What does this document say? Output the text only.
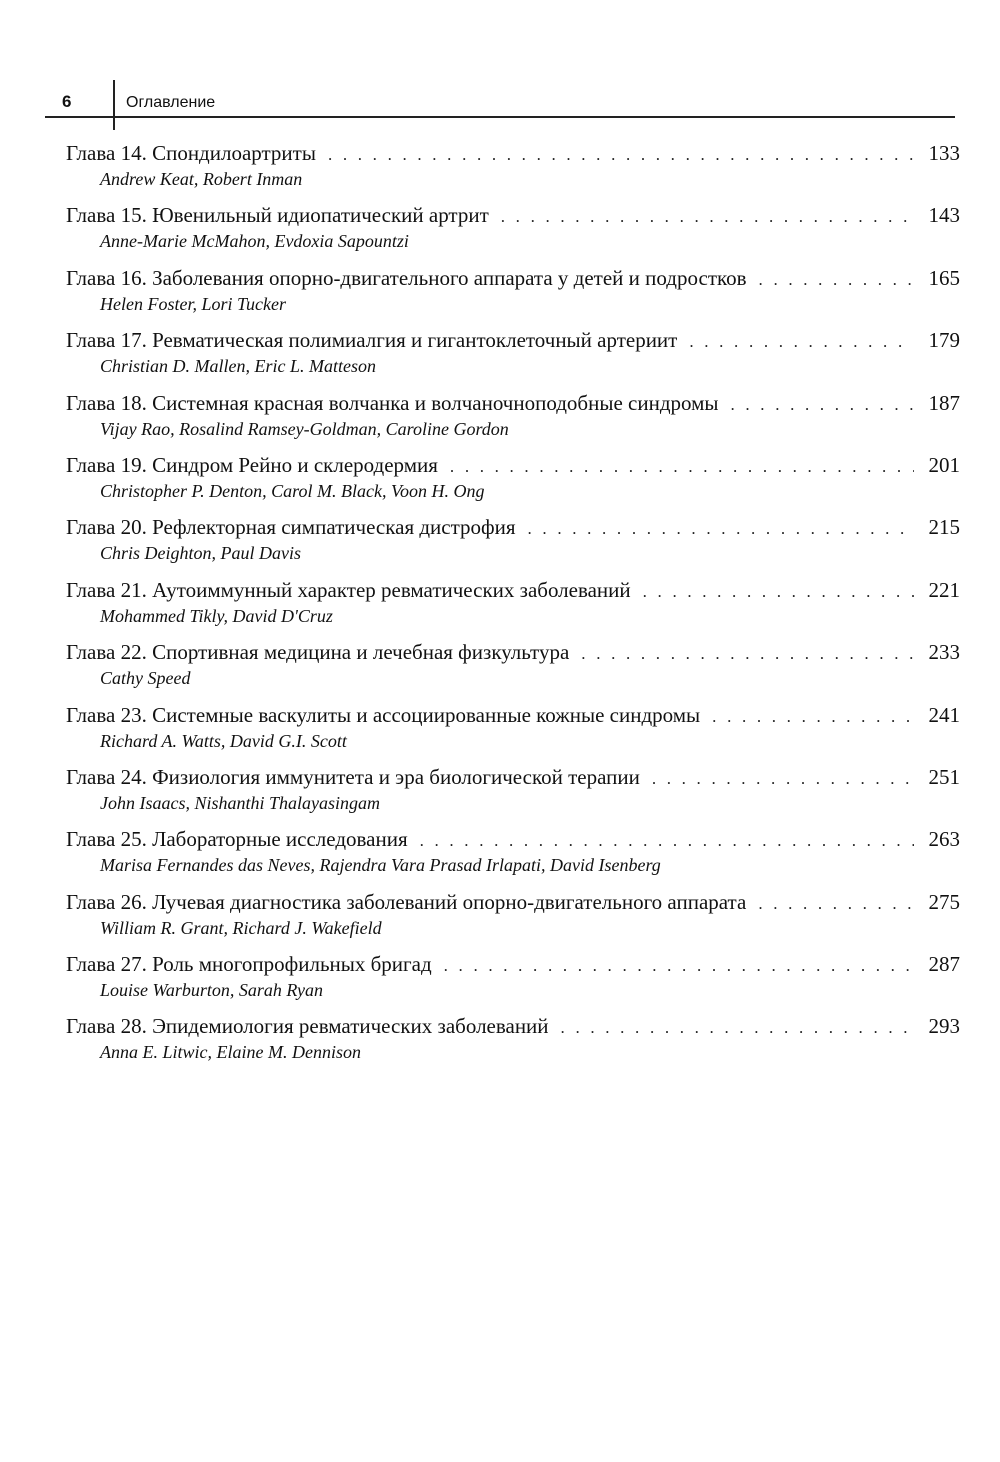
6	Оглавление
Глава 14. Спондилоартриты . . .	133
Andrew Keat, Robert Inman
Глава 15. Ювенильный идиопатический артрит . . .	143
Anne-Marie McMahon, Evdoxia Sapountzi
Глава 16. Заболевания опорно-двигательного аппарата у детей и подростков . . .	165
Helen Foster, Lori Tucker
Глава 17. Ревматическая полимиалгия и гигантоклеточный артериит . . .	179
Christian D. Mallen, Eric L. Matteson
Глава 18. Системная красная волчанка и волчаночноподобные синдромы . . .	187
Vijay Rao, Rosalind Ramsey-Goldman, Caroline Gordon
Глава 19. Синдром Рейно и склеродермия . . .	201
Christopher P. Denton, Carol M. Black, Voon H. Ong
Глава 20. Рефлекторная симпатическая дистрофия . . .	215
Chris Deighton, Paul Davis
Глава 21. Аутоиммунный характер ревматических заболеваний . . .	221
Mohammed Tikly, David D'Cruz
Глава 22. Спортивная медицина и лечебная физкультура . . .	233
Cathy Speed
Глава 23. Системные васкулиты и ассоциированные кожные синдромы . . .	241
Richard A. Watts, David G.I. Scott
Глава 24. Физиология иммунитета и эра биологической терапии . . .	251
John Isaacs, Nishanthi Thalayasingam
Глава 25. Лабораторные исследования . . .	263
Marisa Fernandes das Neves, Rajendra Vara Prasad Irlapati, David Isenberg
Глава 26. Лучевая диагностика заболеваний опорно-двигательного аппарата . . .	275
William R. Grant, Richard J. Wakefield
Глава 27. Роль многопрофильных бригад . . .	287
Louise Warburton, Sarah Ryan
Глава 28. Эпидемиология ревматических заболеваний . . .	293
Anna E. Litwic, Elaine M. Dennison
